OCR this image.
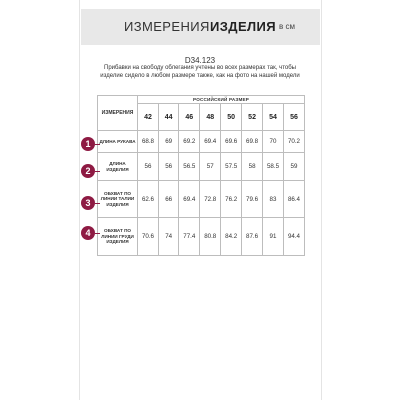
ИЗМЕРЕНИЯ ИЗДЕЛИЯ в см
D34.123
Прибавки на свободу облегания учтены во всех размерах так, чтобы изделие сидело в любом размере также, как на фото на нашей модели
ИЗМЕРЕНИЯ	РОССИЙСКИЙ РАЗМЕР							
	42	44	46	48	50	52	54	56
ДЛИНА РУКАВА	68.8	69	69.2	69.4	69.6	69.8	70	70.2
ДЛИНА ИЗДЕЛИЯ	56	56	56.5	57	57.5	58	58.5	59
ОБХВАТ ПО ЛИНИИ ТАЛИИ ИЗДЕЛИЯ	62.6	66	69.4	72.8	76.2	79.6	83	86.4
ОБХВАТ ПО ЛИНИИ ГРУДИ ИЗДЕЛИЯ	70.6	74	77.4	80.8	84.2	87.6	91	94.4
1
2
3
4
